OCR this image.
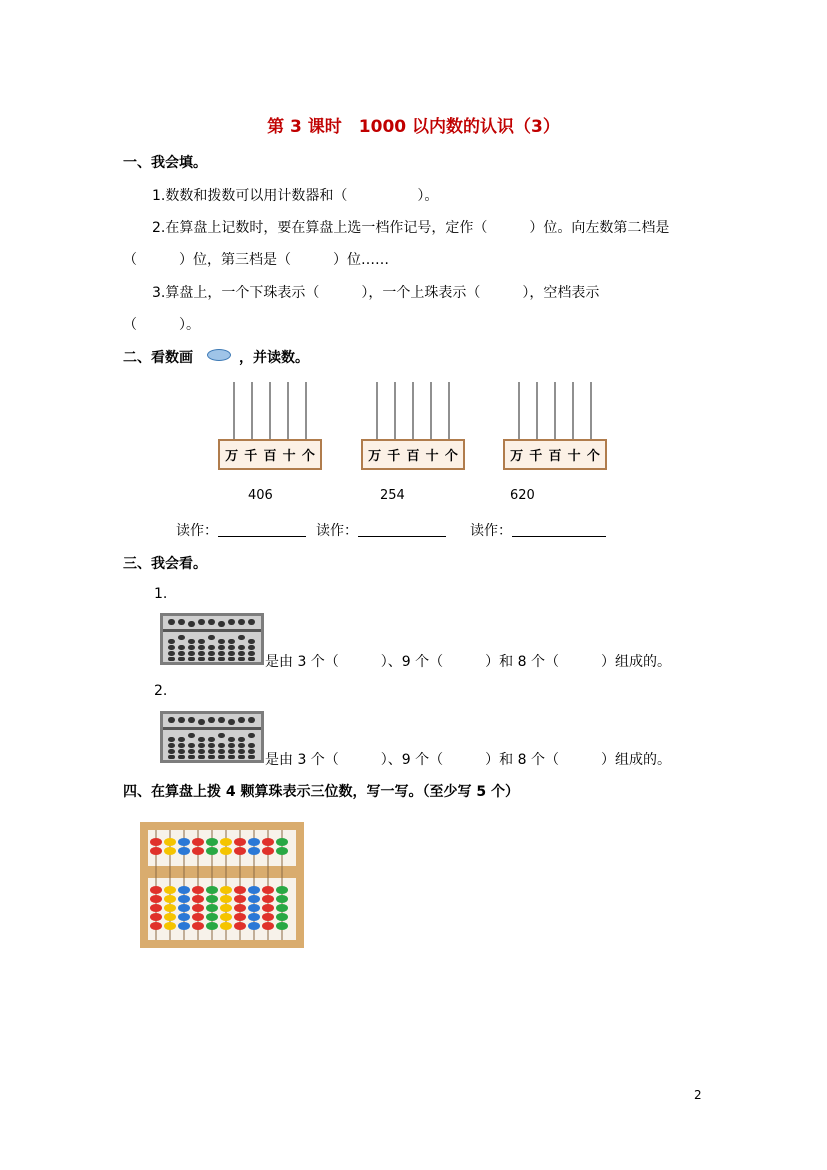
第 3 课时　1000 以内数的认识（3）
一、我会填。
1.数数和拨数可以用计数器和（　　　　　）。
2.在算盘上记数时，要在算盘上选一档作记号，定作（　　　）位。向左数第二档是
（　　　）位，第三档是（　　　）位……
3.算盘上，一个下珠表示（　　　），一个上珠表示（　　　），空档表示
（　　　）。
二、看数画	，并读数。
万 千 百 十 个	万 千 百 十 个	万 千 百 十 个
406	254	620
读作：	读作：	读作：
三、我会看。
1.
是由 3 个（　　　）、9 个（　　　）和 8 个（　　　）组成的。
2.
是由 3 个（　　　）、9 个（　　　）和 8 个（　　　）组成的。
四、在算盘上拨 4 颗算珠表示三位数，写一写。（至少写 5 个）
2
